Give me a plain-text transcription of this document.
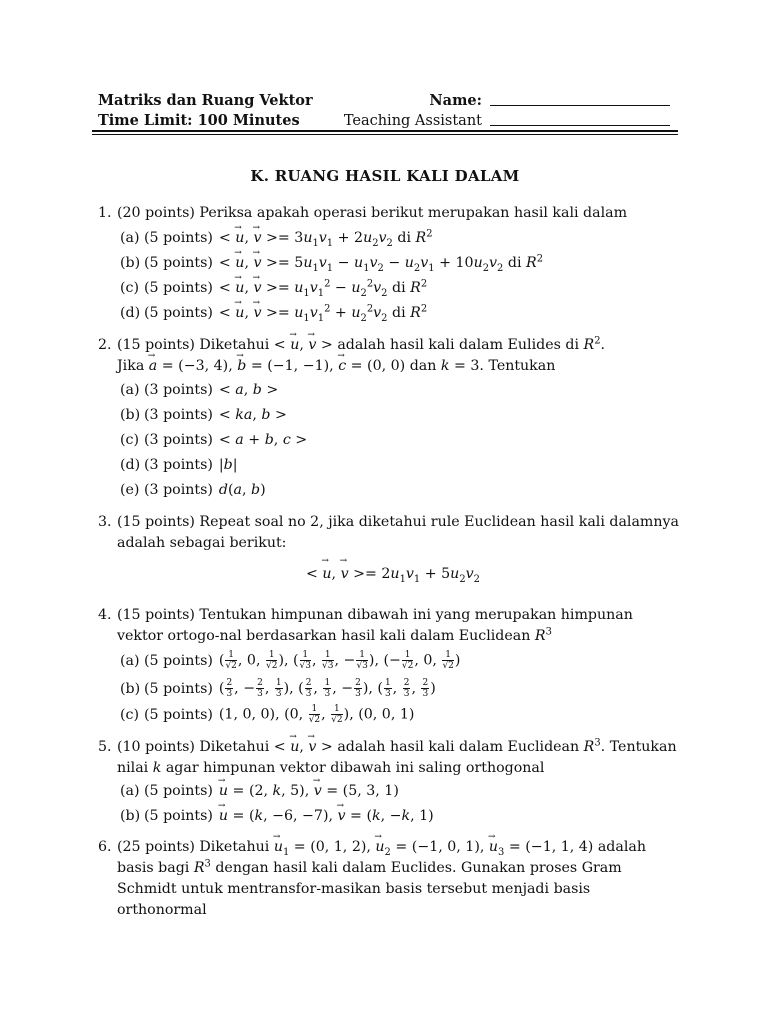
Matriks dan Ruang Vektor
Time Limit: 100 Minutes
Name:
Teaching Assistant
K. RUANG HASIL KALI DALAM
1. (20 points) Periksa apakah operasi berikut merupakan hasil kali dalam
(a) (5 points) < u →, v → >= $3u_1v_1 + 2u_2v_2$ di $R^2$
(b) (5 points) < u →, v → >= $5u_1v_1 - u_1v_2 - u_2v_1 + 10u_2v_2$ di $R^2$
(c) (5 points) < u →, v → >= $u_1v_1^2 - u_2^2v_2$ di $R^2$
(d) (5 points) < u →, v → >= $u_1v_1^2 + u_2^2v_2$ di $R^2$
2. (15 points) Diketahui < u →, v → > adalah hasil kali dalam Eulides di $R^2$.
Jika a → = (−3, 4), b → = (−1, −1), c → = (0, 0) dan k = 3. Tentukan
(a) (3 points) < a, b >
(b) (3 points) < ka, b >
(c) (3 points) < a + b, c >
(d) (3 points) |b|
(e) (3 points) d(a, b)
3. (15 points) Repeat soal no 2, jika diketahui rule Euclidean hasil kali dalamnya adalah sebagai berikut:
< u →, v → >= $2u_1v_1 + 5u_2v_2$
4. (15 points) Tentukan himpunan dibawah ini yang merupakan himpunan vektor ortogo-nal berdasarkan hasil kali dalam Euclidean $R^3$
(a) (5 points) ( $\frac{1}{√2}$ , 0, $\frac{1}{√2}$ ), ( $\frac{1}{√3}$ , $\frac{1}{√3}$ , − $\frac{1}{√3}$ ), (− $\frac{1}{√2}$ , 0, $\frac{1}{√2}$ )
(b) (5 points) ( $\frac{2}{3}$ , − $\frac{2}{3}$ , $\frac{1}{3}$ ), ( $\frac{2}{3}$ , $\frac{1}{3}$ , − $\frac{2}{3}$ ), ( $\frac{1}{3}$ , $\frac{2}{3}$ , $\frac{2}{3}$ )
(c) (5 points) (1, 0, 0), (0, $\frac{1}{√2}$ , $\frac{1}{√2}$ ), (0, 0, 1)
5. (10 points) Diketahui < u →, v → > adalah hasil kali dalam Euclidean $R^3$. Tentukan nilai k agar himpunan vektor dibawah ini saling orthogonal
(a) (5 points) u → = (2, k, 5), v → = (5, 3, 1)
(b) (5 points) u → = (k, −6, −7), v → = (k, −k, 1)
6. (25 points) Diketahui $u \to_1 = (0$, 1, 2), $u \to_2 = (-1$, 0, 1), $u \to_3 = (-1$, 1, 4) adalah basis bagi $R^3$ dengan hasil kali dalam Euclides. Gunakan proses Gram Schmidt untuk mentransfor-masikan basis tersebut menjadi basis orthonormal
